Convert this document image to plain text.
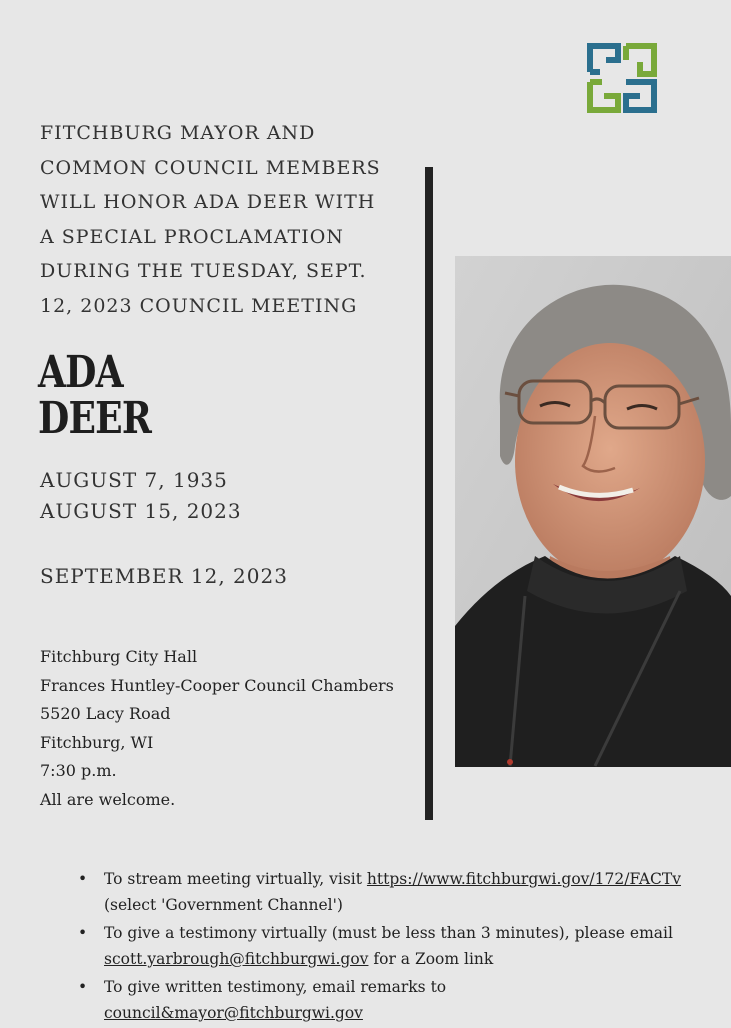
FITCHBURG MAYOR AND
COMMON COUNCIL MEMBERS
WILL HONOR ADA DEER WITH
A SPECIAL PROCLAMATION
DURING THE TUESDAY, SEPT.
12, 2023 COUNCIL MEETING
ADA
DEER
AUGUST 7, 1935
AUGUST 15, 2023
SEPTEMBER 12, 2023
Fitchburg City Hall
Frances Huntley-Cooper Council Chambers
5520 Lacy Road
Fitchburg, WI
7:30 p.m.
All are welcome.
• To stream meeting virtually, visit https://www.fitchburgwi.gov/172/FACTv (select 'Government Channel')
• To give a testimony virtually (must be less than 3 minutes), please email scott.yarbrough@fitchburgwi.gov for a Zoom link
• To give written testimony, email remarks to council&mayor@fitchburgwi.gov
